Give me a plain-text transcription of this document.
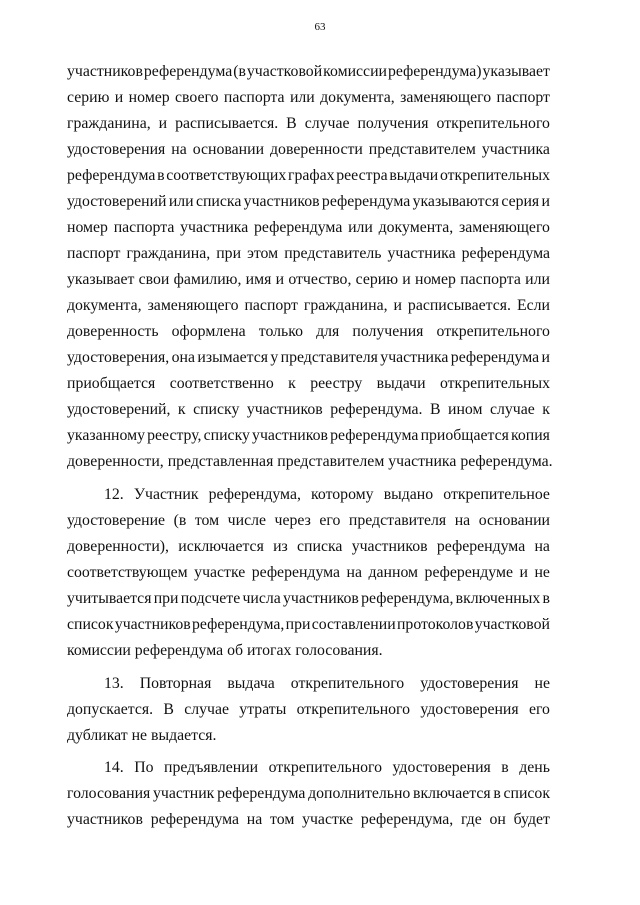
63
участников референдума (в участковой комиссии референдума) указывает
серию и номер своего паспорта или документа, заменяющего паспорт
гражданина, и расписывается. В случае получения открепительного
удостоверения на основании доверенности представителем участника
референдума в соответствующих графах реестра выдачи открепительных
удостоверений или списка участников референдума указываются серия и
номер паспорта участника референдума или документа, заменяющего
паспорт гражданина, при этом представитель участника референдума
указывает свои фамилию, имя и отчество, серию и номер паспорта или
документа, заменяющего паспорт гражданина, и расписывается. Если
доверенность оформлена только для получения открепительного
удостоверения, она изымается у представителя участника референдума и
приобщается соответственно к реестру выдачи открепительных
удостоверений, к списку участников референдума. В ином случае к
указанному реестру, списку участников референдума приобщается копия
доверенности, представленная представителем участника референдума.
12. Участник референдума, которому выдано открепительное
удостоверение (в том числе через его представителя на основании
доверенности), исключается из списка участников референдума на
соответствующем участке референдума на данном референдуме и не
учитывается при подсчете числа участников референдума, включенных в
список участников референдума, при составлении протоколов участковой
комиссии референдума об итогах голосования.
13. Повторная выдача открепительного удостоверения не
допускается. В случае утраты открепительного удостоверения его
дубликат не выдается.
14. По предъявлении открепительного удостоверения в день
голосования участник референдума дополнительно включается в список
участников референдума на том участке референдума, где он будет
